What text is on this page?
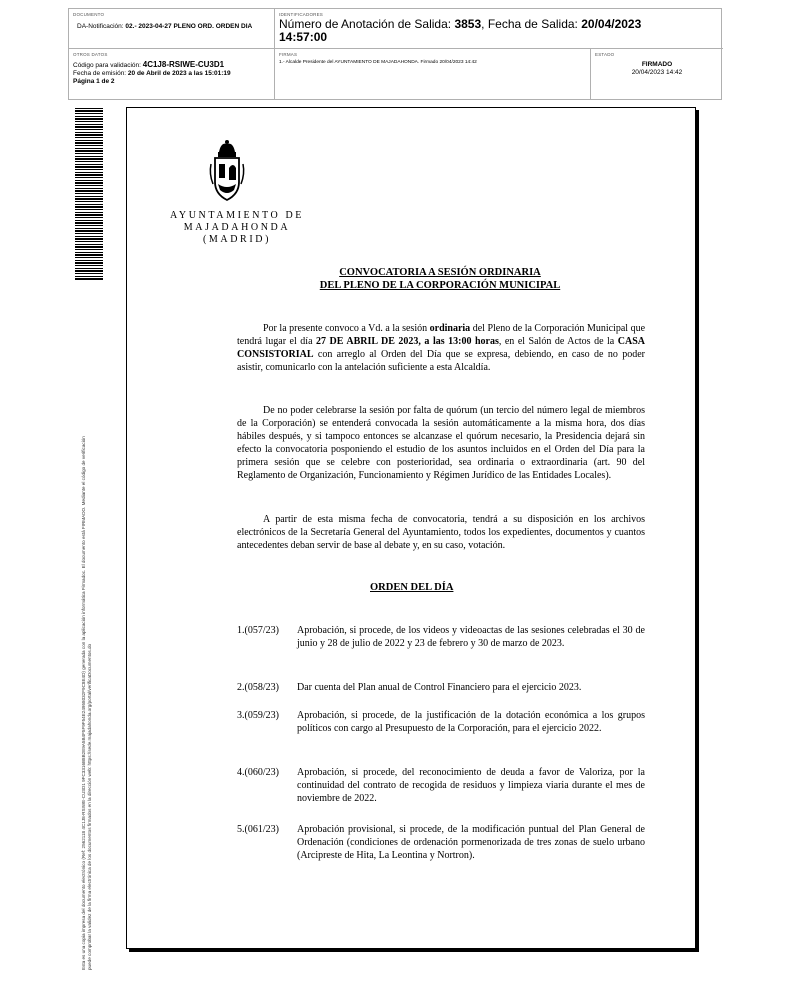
DOCUMENTO
DA-Notificación: 02.- 2023-04-27 PLENO ORD. ORDEN DIA
IDENTIFICADORES
Número de Anotación de Salida: 3853, Fecha de Salida: 20/04/2023 14:57:00
OTROS DATOS
Código para validación: 4C1J8-RSIWE-CU3D1
Fecha de emisión: 20 de Abril de 2023 a las 15:01:19
Página 1 de 2
FIRMAS
1.- Alcalde Presidente del AYUNTAMIENTO DE MAJADAHONDA. Firmado 20/04/2023 14:42
ESTADO
FIRMADO
20/04/2023 14:42
Esta es una copia impresa del documento electrónico (Ref: 2562118 4C1J8-RSIWE-CU3D1 9FC3316B8B2E9A5B4F5F9F54E24958032F9C8E4D) generada con la aplicación informática Firmadoc. El documento está FIRMADO. Mediante el código de verificación puede comprobar la validez de la firma electrónica de los documentos firmados en la dirección web: https://sede.majadahonda.org/portal/verificaDocumentos.do
AYUNTAMIENTO DE
MAJADAHONDA
(MADRID)
CONVOCATORIA A SESIÓN ORDINARIA
DEL PLENO DE LA CORPORACIÓN MUNICIPAL
Por la presente convoco a Vd. a la sesión ordinaria del Pleno de la Corporación Municipal que tendrá lugar el día 27 DE ABRIL DE 2023, a las 13:00 horas, en el Salón de Actos de la CASA CONSISTORIAL con arreglo al Orden del Día que se expresa, debiendo, en caso de no poder asistir, comunicarlo con la antelación suficiente a esta Alcaldía.
De no poder celebrarse la sesión por falta de quórum (un tercio del número legal de miembros de la Corporación) se entenderá convocada la sesión automáticamente a la misma hora, dos días hábiles después, y si tampoco entonces se alcanzase el quórum necesario, la Presidencia dejará sin efecto la convocatoria posponiendo el estudio de los asuntos incluidos en el Orden del Día para la primera sesión que se celebre con posterioridad, sea ordinaria o extraordinaria (art. 90 del Reglamento de Organización, Funcionamiento y Régimen Jurídico de las Entidades Locales).
A partir de esta misma fecha de convocatoria, tendrá a su disposición en los archivos electrónicos de la Secretaría General del Ayuntamiento, todos los expedientes, documentos y cuantos antecedentes deban servir de base al debate y, en su caso, votación.
ORDEN DEL DÍA
1.(057/23) Aprobación, si procede, de los videos y videoactas de las sesiones celebradas el 30 de junio y 28 de julio de 2022 y 23 de febrero y 30 de marzo de 2023.
2.(058/23) Dar cuenta del Plan anual de Control Financiero para el ejercicio 2023.
3.(059/23) Aprobación, si procede, de la justificación de la dotación económica a los grupos políticos con cargo al Presupuesto de la Corporación, para el ejercicio 2022.
4.(060/23) Aprobación, si procede, del reconocimiento de deuda a favor de Valoriza, por la continuidad del contrato de recogida de residuos y limpieza viaria durante el mes de noviembre de 2022.
5.(061/23) Aprobación provisional, si procede, de la modificación puntual del Plan General de Ordenación (condiciones de ordenación pormenorizada de tres zonas de suelo urbano (Arcipreste de Hita, La Leontina y Nortron).
